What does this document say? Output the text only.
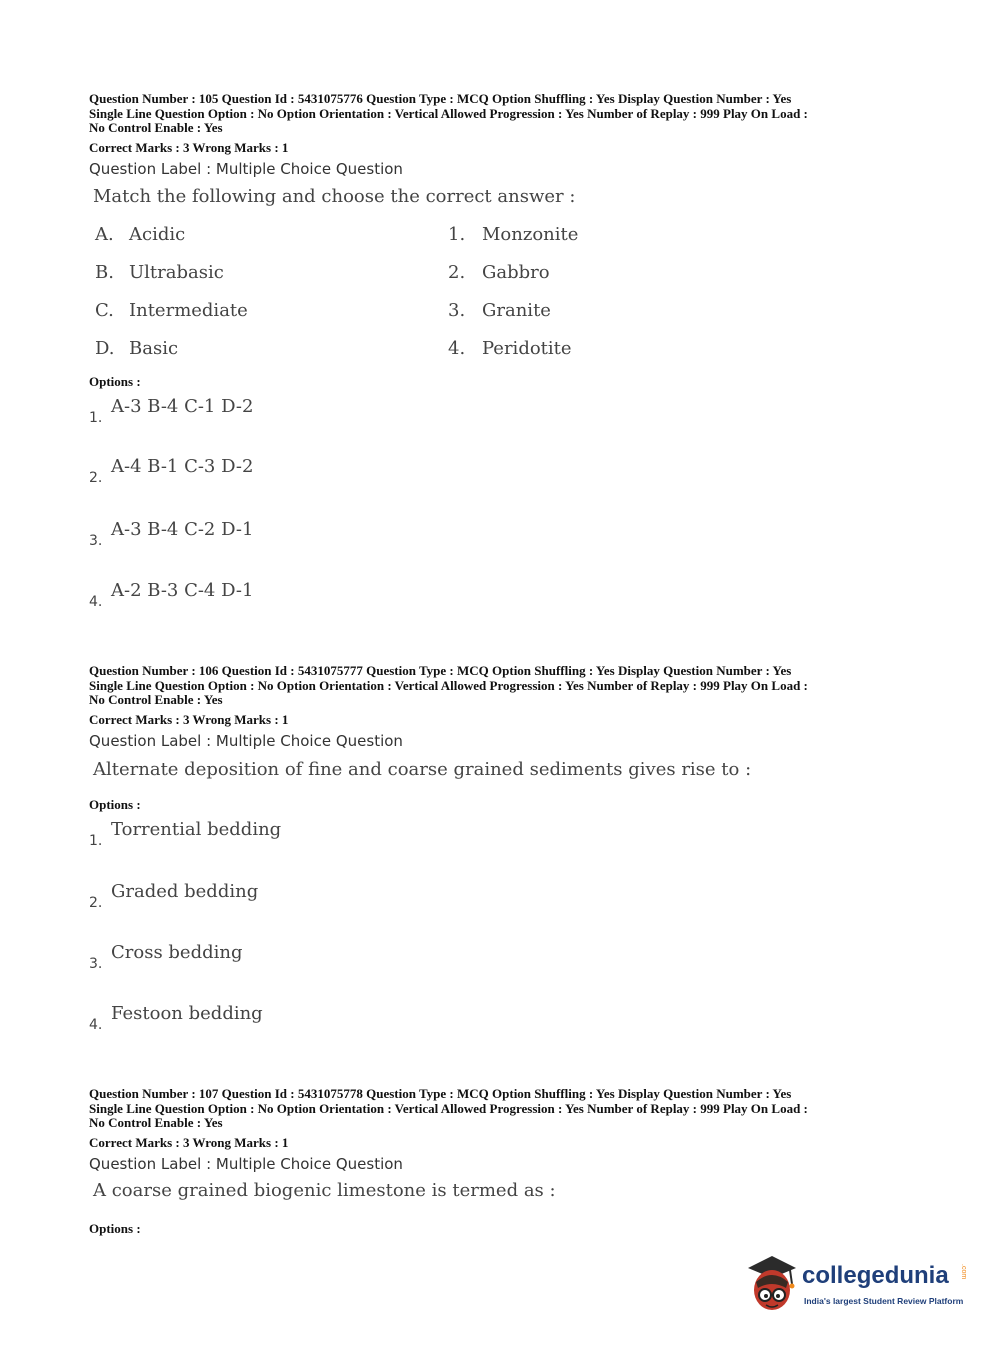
Question Number : 105 Question Id : 5431075776 Question Type : MCQ Option Shuffling : Yes Display Question Number : Yes
Single Line Question Option : No Option Orientation : Vertical Allowed Progression : Yes Number of Replay : 999 Play On Load :
No Control Enable : Yes
Correct Marks : 3 Wrong Marks : 1
Question Label : Multiple Choice Question
Match the following and choose the correct answer :
A. Acidic
B. Ultrabasic
C. Intermediate
D. Basic
1. Monzonite
2. Gabbro
3. Granite
4. Peridotite
Options :
1.
A-3 B-4 C-1 D-2
2.
A-4 B-1 C-3 D-2
3.
A-3 B-4 C-2 D-1
4.
A-2 B-3 C-4 D-1
Question Number : 106 Question Id : 5431075777 Question Type : MCQ Option Shuffling : Yes Display Question Number : Yes
Single Line Question Option : No Option Orientation : Vertical Allowed Progression : Yes Number of Replay : 999 Play On Load :
No Control Enable : Yes
Correct Marks : 3 Wrong Marks : 1
Question Label : Multiple Choice Question
Alternate deposition of fine and coarse grained sediments gives rise to :
Options :
1.
Torrential bedding
2.
Graded bedding
3.
Cross bedding
4.
Festoon bedding
Question Number : 107 Question Id : 5431075778 Question Type : MCQ Option Shuffling : Yes Display Question Number : Yes
Single Line Question Option : No Option Orientation : Vertical Allowed Progression : Yes Number of Replay : 999 Play On Load :
No Control Enable : Yes
Correct Marks : 3 Wrong Marks : 1
Question Label : Multiple Choice Question
A coarse grained biogenic limestone is termed as :
Options :
collegedunia .com
India's largest Student Review Platform
